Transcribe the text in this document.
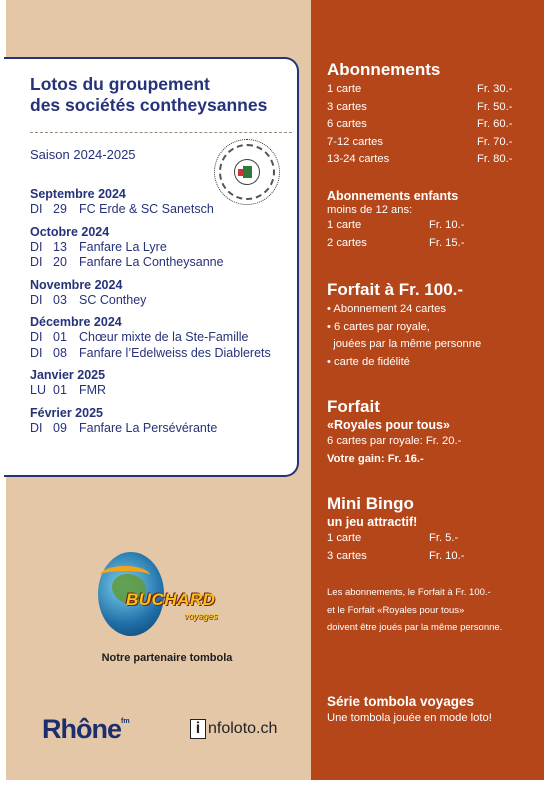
Lotos du groupement
des sociétés contheysannes
Saison 2024-2025
Septembre 2024
DI 29 FC Erde & SC Sanetsch
Octobre 2024
DI 13 Fanfare La Lyre
DI 20 Fanfare La Contheysanne
Novembre 2024
DI 03 SC Conthey
Décembre 2024
DI 01 Chœur mixte de la Ste-Famille
DI 08 Fanfare l’Edelweiss des Diablerets
Janvier 2025
LU 01 FMR
Février 2025
DI 09 Fanfare La Persévérante
BUCHARD
voyages
Notre partenaire tombola
Rhône$^{fm}$	i nfoloto.ch
Abonnements
1 carte	Fr. 30.-
3 cartes	Fr. 50.-
6 cartes	Fr. 60.-
7-12 cartes	Fr. 70.-
13-24 cartes	Fr. 80.-
Abonnements enfants
moins de 12 ans:
1 carte	Fr. 10.-
2 cartes	Fr. 15.-
Forfait à Fr. 100.-
• Abonnement 24 cartes
• 6 cartes par royale,
jouées par la même personne
• carte de fidélité
Forfait
«Royales pour tous»
6 cartes par royale: Fr. 20.-
Votre gain: Fr. 16.-
Mini Bingo
un jeu attractif!
1 carte	Fr. 5.-
3 cartes	Fr. 10.-
Les abonnements, le Forfait à Fr. 100.-
et le Forfait «Royales pour tous»
doivent être joués par la même personne.
Série tombola voyages
Une tombola jouée en mode loto!
